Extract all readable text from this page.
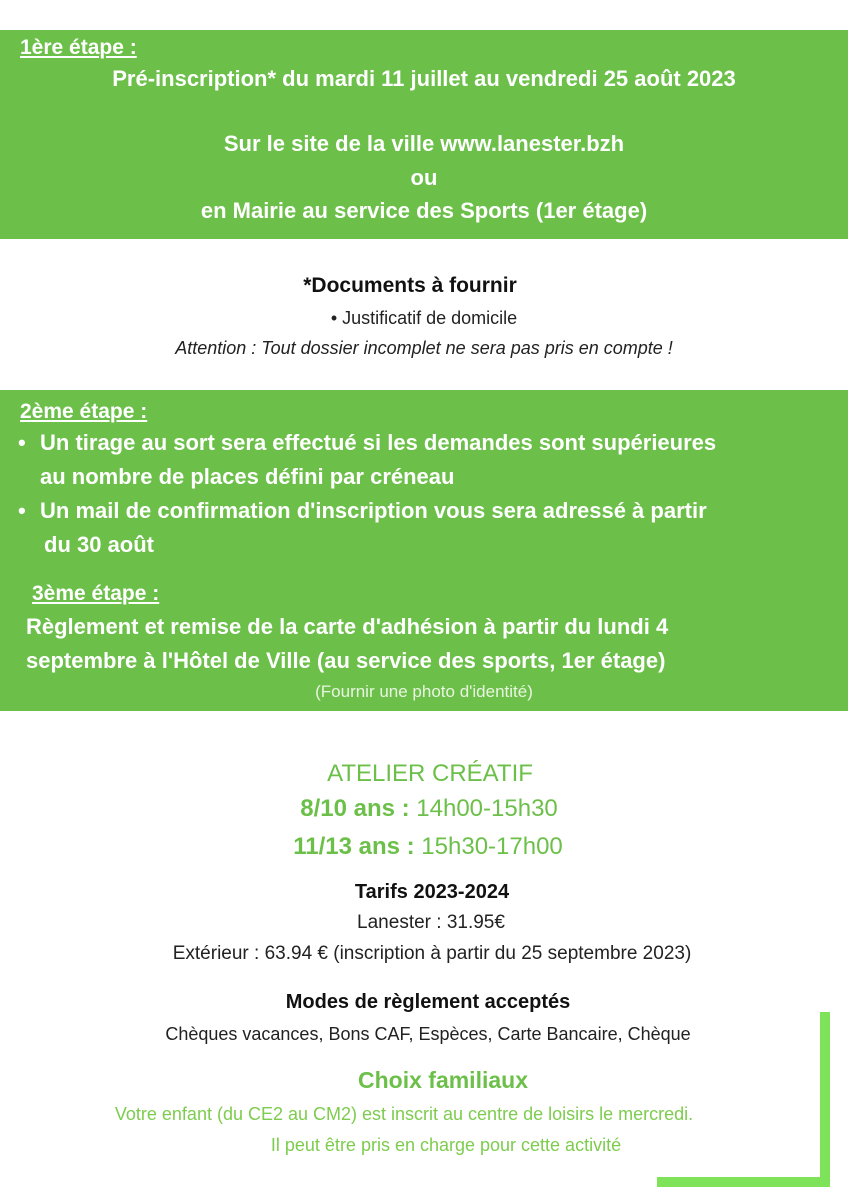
1ère étape :
Pré-inscription* du mardi 11 juillet au vendredi 25 août 2023
Sur le site de la ville www.lanester.bzh
ou
en Mairie au service des Sports (1er étage)
*Documents à fournir
• Justificatif de domicile
Attention : Tout dossier incomplet ne sera pas pris en compte !
2ème étape :
• Un tirage au sort sera effectué si les demandes sont supérieures
au nombre de places défini par créneau
• Un mail de confirmation d'inscription vous sera adressé à partir
du 30 août
3ème étape :
Règlement et remise de la carte d'adhésion à partir du lundi 4
septembre à l'Hôtel de Ville (au service des sports, 1er étage)
(Fournir une photo d'identité)
ATELIER CRÉATIF
8/10 ans : 14h00-15h30
11/13 ans : 15h30-17h00
Tarifs 2023-2024
Lanester : 31.95€
Extérieur : 63.94 € (inscription à partir du 25 septembre 2023)
Modes de règlement acceptés
Chèques vacances, Bons CAF, Espèces, Carte Bancaire, Chèque
Choix familiaux
Votre enfant (du CE2 au CM2) est inscrit au centre de loisirs le mercredi.
Il peut être pris en charge pour cette activité
